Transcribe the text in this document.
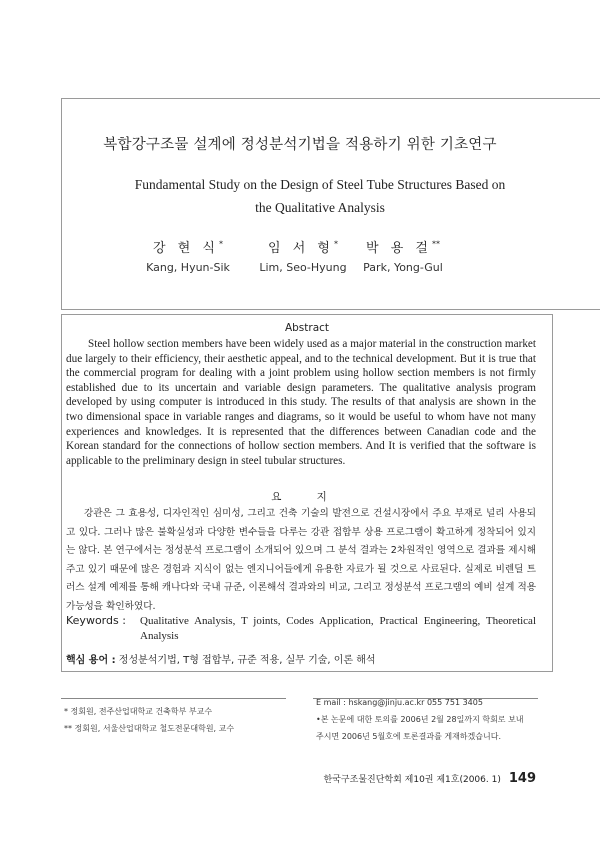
복합강구조물 설계에 정성분석기법을 적용하기 위한 기초연구
Fundamental Study on the Design of Steel Tube Structures Based on
the Qualitative Analysis
강 현 식*
Kang, Hyun-Sik
임 서 형*
Lim, Seo-Hyung
박 용 걸**
Park, Yong-Gul
Abstract
Steel hollow section members have been widely used as a major material in the construction market due largely to their efficiency, their aesthetic appeal, and to the technical development. But it is true that the commercial program for dealing with a joint problem using hollow section members is not firmly established due to its uncertain and variable design parameters. The qualitative analysis program developed by using computer is introduced in this study. The results of that analysis are shown in the two dimensional space in variable ranges and diagrams, so it would be useful to whom have not many experiences and knowledges. It is represented that the differences between Canadian code and the Korean standard for the connections of hollow section members. And It is verified that the software is applicable to the preliminary design in steel tubular structures.
요 지
강관은 그 효용성, 디자인적인 심미성, 그리고 건축 기술의 발전으로 건설시장에서 주요 부재로 널리 사용되고 있다. 그러나 많은 불확실성과 다양한 변수들을 다루는 강관 접합부 상용 프로그램이 확고하게 정착되어 있지는 않다. 본 연구에서는 정성분석 프로그램이 소개되어 있으며 그 분석 결과는 2차원적인 영역으로 결과를 제시해 주고 있기 때문에 많은 경험과 지식이 없는 엔지니어들에게 유용한 자료가 될 것으로 사료된다. 실제로 비렌딜 트러스 설계 예제를 통해 캐나다와 국내 규준, 이론해석 결과와의 비교, 그리고 정성분석 프로그램의 예비 설계 적용 가능성을 확인하였다.
Keywords : Qualitative Analysis, T joints, Codes Application, Practical Engineering, Theoretical Analysis
핵심 용어 : 정성분석기법, T형 접합부, 규준 적용, 실무 기술, 이론 해석
* 정회원, 전주산업대학교 건축학부 부교수
** 정회원, 서울산업대학교 철도전문대학원, 교수
E mail : hskang@jinju.ac.kr 055 751 3405
•본 논문에 대한 토의를 2006년 2월 28일까지 학회로 보내
주시면 2006년 5월호에 토론결과를 게재하겠습니다.
한국구조물진단학회 제10권 제1호(2006. 1) 149
